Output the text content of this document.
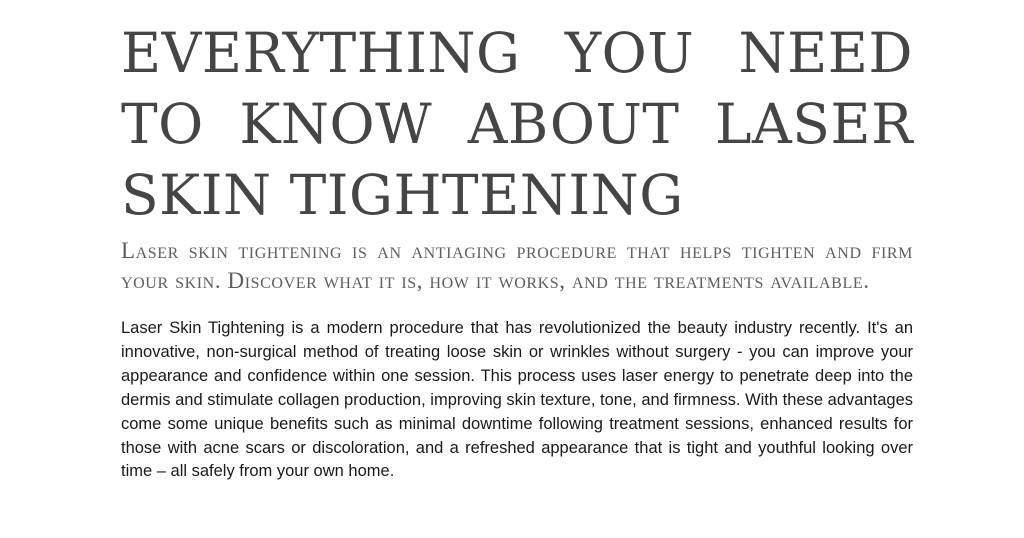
EVERYTHING YOU NEED TO KNOW ABOUT LASER SKIN TIGHTENING

Laser skin tightening is an antiaging procedure that helps tighten and firm your skin. Discover what it is, how it works, and the treatments available.

Laser Skin Tightening is a modern procedure that has revolutionized the beauty industry recently. It's an innovative, non-surgical method of treating loose skin or wrinkles without surgery - you can improve your appearance and confidence within one session. This process uses laser energy to penetrate deep into the dermis and stimulate collagen production, improving skin texture, tone, and firmness. With these advantages come some unique benefits such as minimal downtime following treatment sessions, enhanced results for those with acne scars or discoloration, and a refreshed appearance that is tight and youthful looking over time – all safely from your own home.
